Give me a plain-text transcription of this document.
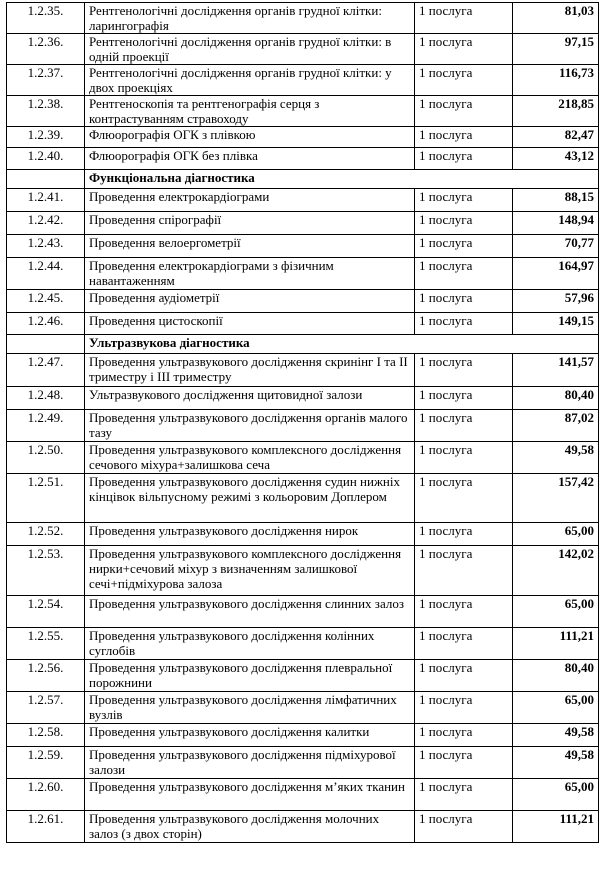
1.2.35.	Рентгенологічні дослідження органів грудної клітки: ларингографія	1 послуга	81,03
1.2.36.	Рентгенологічні дослідження органів грудної клітки: в одній проекції	1 послуга	97,15
1.2.37.	Рентгенологічні дослідження органів грудної клітки: у двох проекціях	1 послуга	116,73
1.2.38.	Рентгеноскопія та рентгенографія серця з контрастуванням стравоходу	1 послуга	218,85
1.2.39.	Флюорографія ОГК з плівкою	1 послуга	82,47
1.2.40.	Флюорографія ОГК без плівка	1 послуга	43,12
	Функціональна діагностика		
1.2.41.	Проведення електрокардіограми	1 послуга	88,15
1.2.42.	Проведення спірографії	1 послуга	148,94
1.2.43.	Проведення велоергометрії	1 послуга	70,77
1.2.44.	Проведення електрокардіограми з фізичним навантаженням	1 послуга	164,97
1.2.45.	Проведення аудіометрії	1 послуга	57,96
1.2.46.	Проведення цистоскопії	1 послуга	149,15
	Ультразвукова діагностика		
1.2.47.	Проведення ультразвукового дослідження скринінг І та ІІ триместру і ІІІ триместру	1 послуга	141,57
1.2.48.	Ультразвукового дослідження щитовидної залози	1 послуга	80,40
1.2.49.	Проведення ультразвукового дослідження органів малого тазу	1 послуга	87,02
1.2.50.	Проведення ультразвукового комплексного дослідження сечового міхура+залишкова сеча	1 послуга	49,58
1.2.51.	Проведення ультразвукового дослідження судин нижніх кінцівок вільпусному режимі з кольоровим Доплером	1 послуга	157,42
1.2.52.	Проведення ультразвукового дослідження нирок	1 послуга	65,00
1.2.53.	Проведення ультразвукового комплексного дослідження нирки+сечовий міхур з визначенням залишкової сечі+підміхурова залоза	1 послуга	142,02
1.2.54.	Проведення ультразвукового дослідження слинних залоз	1 послуга	65,00
1.2.55.	Проведення ультразвукового дослідження колінних суглобів	1 послуга	111,21
1.2.56.	Проведення ультразвукового дослідження плевральної порожнини	1 послуга	80,40
1.2.57.	Проведення ультразвукового дослідження лімфатичних вузлів	1 послуга	65,00
1.2.58.	Проведення ультразвукового дослідження калитки	1 послуга	49,58
1.2.59.	Проведення ультразвукового дослідження підміхурової залози	1 послуга	49,58
1.2.60.	Проведення ультразвукового дослідження м’яких тканин	1 послуга	65,00
1.2.61.	Проведення ультразвукового дослідження молочних залоз (з двох сторін)	1 послуга	111,21
